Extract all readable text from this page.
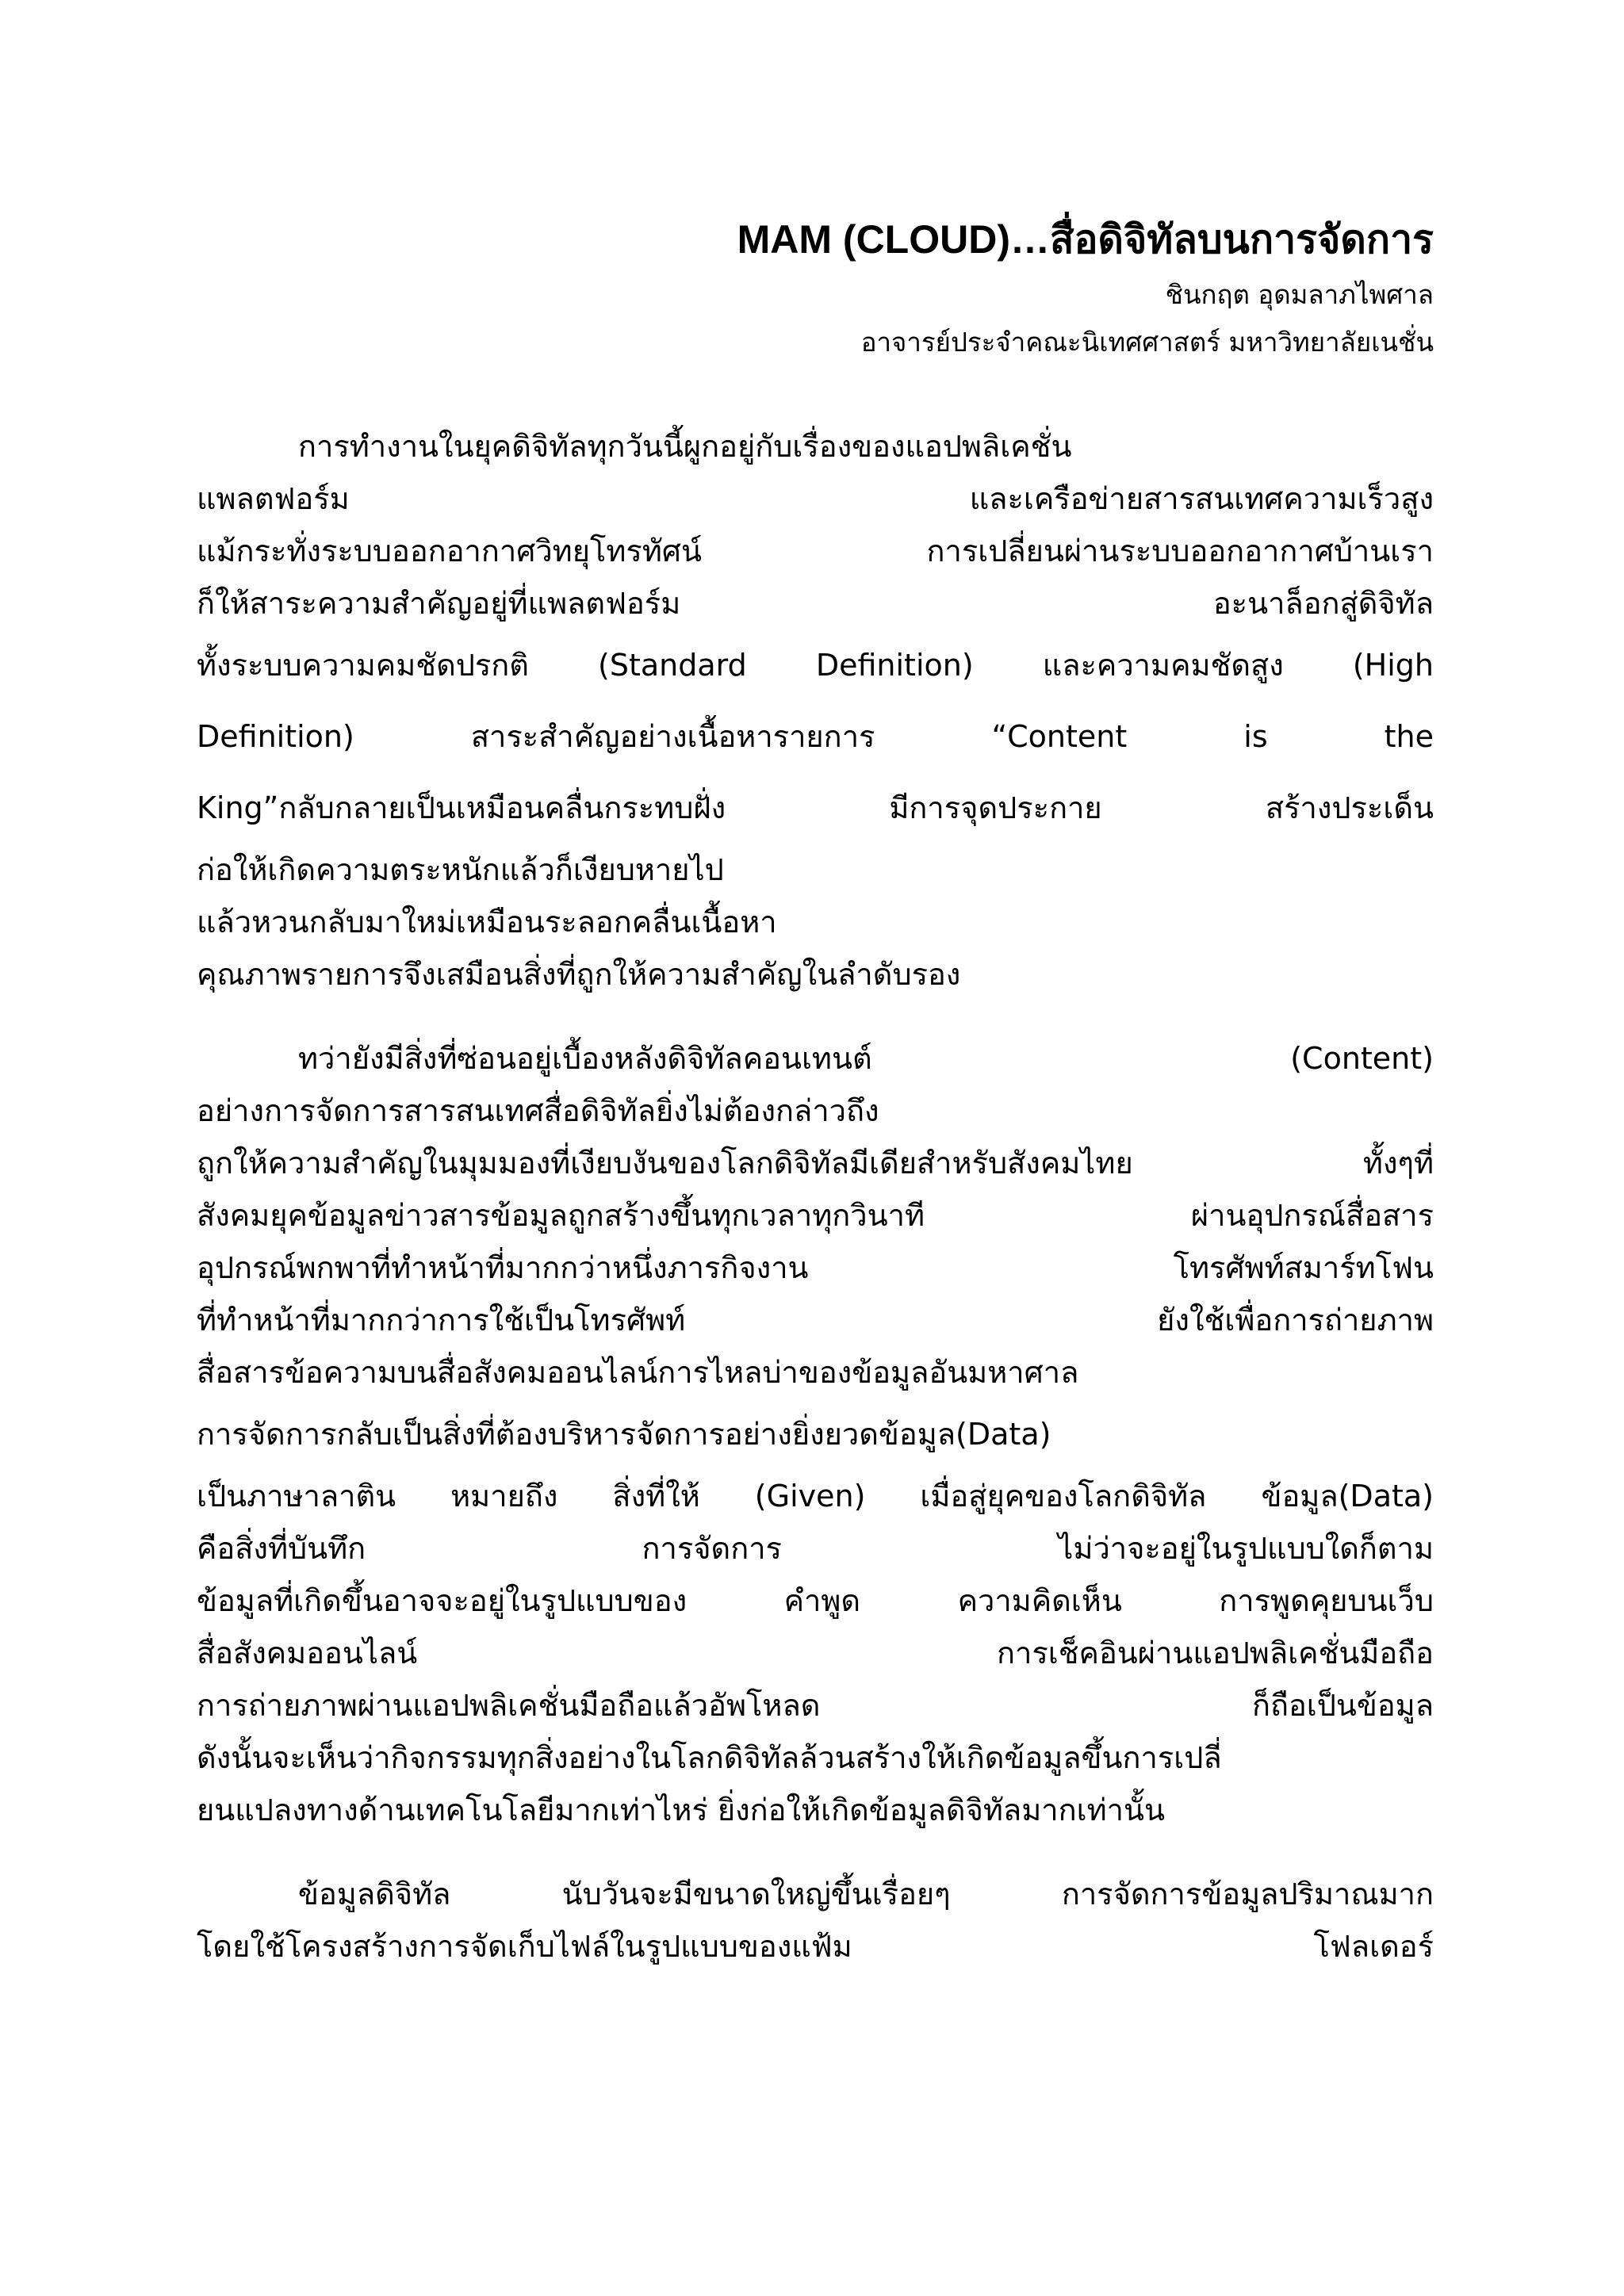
MAM (CLOUD)…สื่อดิจิทัลบนการจัดการ

ชินกฤต อุดมลาภไพศาล

อาจารย์ประจำคณะนิเทศศาสตร์ มหาวิทยาลัยเนชั่น

การทำงานในยุคดิจิทัลทุกวันนี้ผูกอยู่กับเรื่องของแอปพลิเคชั่น
แพลตฟอร์ม และเครือข่ายสารสนเทศความเร็วสูง
แม้กระทั่งระบบออกอากาศวิทยุโทรทัศน์ การเปลี่ยนผ่านระบบออกอากาศบ้านเรา
ก็ให้สาระความสำคัญอยู่ที่แพลตฟอร์ม อะนาล็อกสู่ดิจิทัล
ทั้งระบบความคมชัดปรกติ (Standard Definition) และความคมชัดสูง (High
Definition) สาระสำคัญอย่างเนื้อหารายการ “Content is the
King”กลับกลายเป็นเหมือนคลื่นกระทบฝั่ง มีการจุดประกาย สร้างประเด็น
ก่อให้เกิดความตระหนักแล้วก็เงียบหายไป
แล้วหวนกลับมาใหม่เหมือนระลอกคลื่นเนื้อหา
คุณภาพรายการจึงเสมือนสิ่งที่ถูกให้ความสำคัญในลำดับรอง
ทว่ายังมีสิ่งที่ซ่อนอยู่เบื้องหลังดิจิทัลคอนเทนต์ (Content)
อย่างการจัดการสารสนเทศสื่อดิจิทัลยิ่งไม่ต้องกล่าวถึง
ถูกให้ความสำคัญในมุมมองที่เงียบงันของโลกดิจิทัลมีเดียสำหรับสังคมไทย ทั้งๆที่
สังคมยุคข้อมูลข่าวสารข้อมูลถูกสร้างขึ้นทุกเวลาทุกวินาที ผ่านอุปกรณ์สื่อสาร
อุปกรณ์พกพาที่ทำหน้าที่มากกว่าหนึ่งภารกิจงาน โทรศัพท์สมาร์ทโฟน
ที่ทำหน้าที่มากกว่าการใช้เป็นโทรศัพท์ ยังใช้เพื่อการถ่ายภาพ
สื่อสารข้อความบนสื่อสังคมออนไลน์การไหลบ่าของข้อมูลอันมหาศาล
การจัดการกลับเป็นสิ่งที่ต้องบริหารจัดการอย่างยิ่งยวดข้อมูล(Data)
เป็นภาษาลาติน หมายถึง สิ่งที่ให้ (Given) เมื่อสู่ยุคของโลกดิจิทัล ข้อมูล(Data)
คือสิ่งที่บันทึก การจัดการ ไม่ว่าจะอยู่ในรูปแบบใดก็ตาม
ข้อมูลที่เกิดขึ้นอาจจะอยู่ในรูปแบบของ คำพูด ความคิดเห็น การพูดคุยบนเว็บ
สื่อสังคมออนไลน์ การเช็คอินผ่านแอปพลิเคชั่นมือถือ
การถ่ายภาพผ่านแอปพลิเคชั่นมือถือแล้วอัพโหลด ก็ถือเป็นข้อมูล
ดังนั้นจะเห็นว่ากิจกรรมทุกสิ่งอย่างในโลกดิจิทัลล้วนสร้างให้เกิดข้อมูลขึ้นการเปลี่
ยนแปลงทางด้านเทคโนโลยีมากเท่าไหร่ ยิ่งก่อให้เกิดข้อมูลดิจิทัลมากเท่านั้น
ข้อมูลดิจิทัล นับวันจะมีขนาดใหญ่ขึ้นเรื่อยๆ การจัดการข้อมูลปริมาณมาก
โดยใช้โครงสร้างการจัดเก็บไฟล์ในรูปแบบของแฟ้ม โฟลเดอร์
